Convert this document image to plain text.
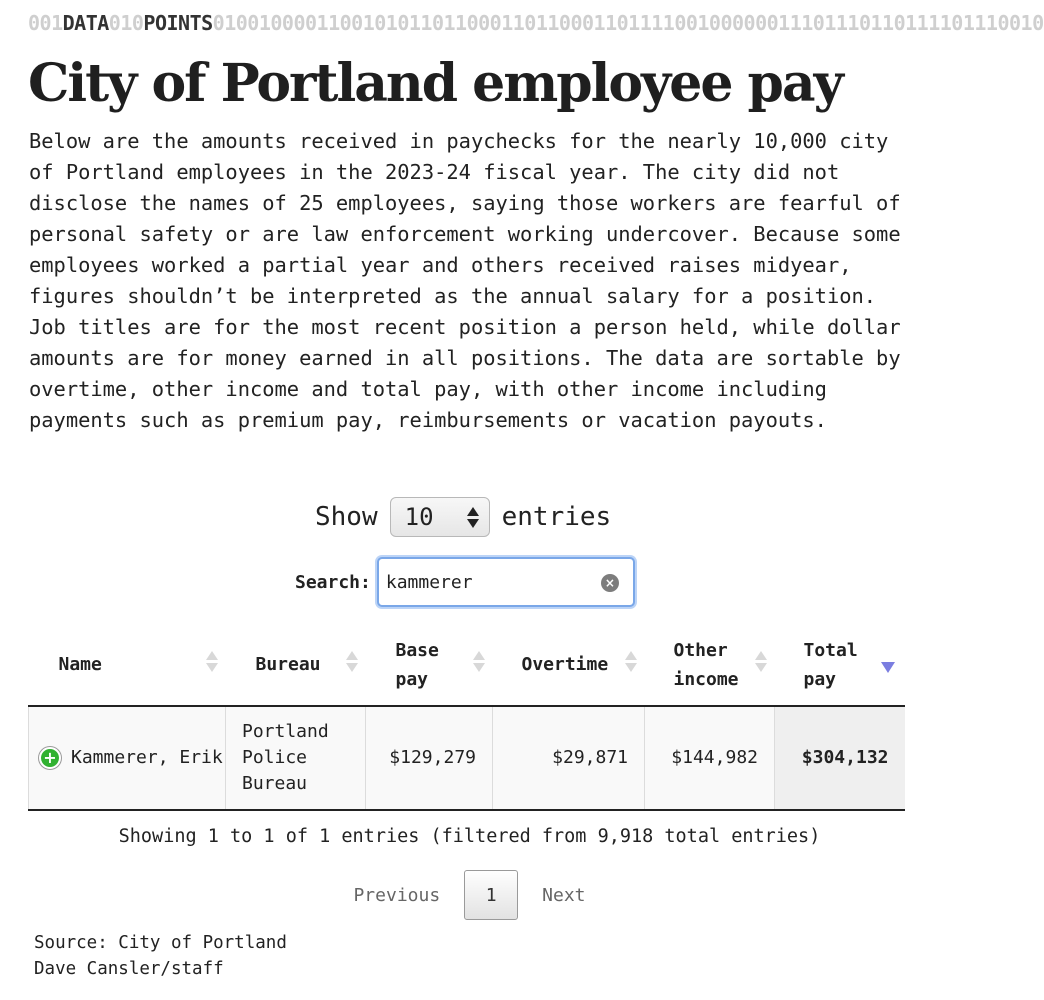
001DATA010POINTS010010000110010101101100011011000110111100100000011101110110111101110010
City of Portland employee pay

Below are the amounts received in paychecks for the nearly 10,000 city of Portland employees in the 2023-24 fiscal year. The city did not disclose the names of 25 employees, saying those workers are fearful of personal safety or are law enforcement working undercover. Because some employees worked a partial year and others received raises midyear, figures shouldn’t be interpreted as the annual salary for a position. Job titles are for the most recent position a person held, while dollar amounts are for money earned in all positions. The data are sortable by overtime, other income and total pay, with other income including payments such as premium pay, reimbursements or vacation payouts.

Show 10	entries
Search:
kammerer	×
Name	Bureau	Base pay	Overtime	Other income	Total pay

+ Kammerer, Erik	Portland Police Bureau	$129,279	$29,871	$144,982	$304,132
Showing 1 to 1 of 1 entries (filtered from 9,918 total entries)
Previous	1	Next
Source: City of Portland
Dave Cansler/staff
